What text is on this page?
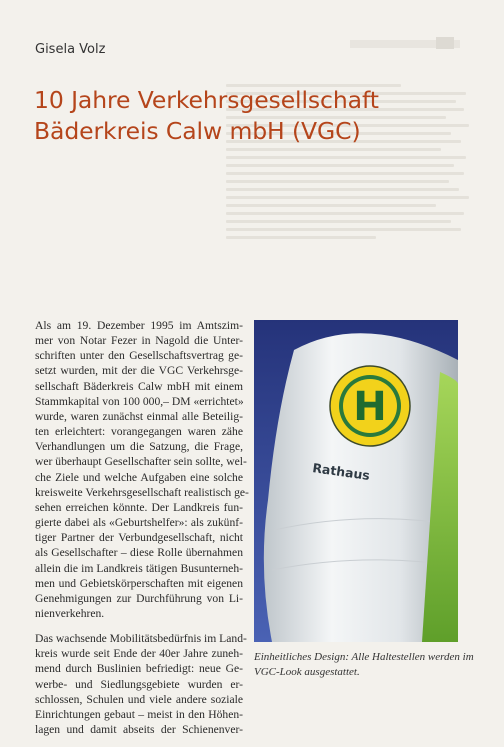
Gisela Volz
10 Jahre Verkehrsgesellschaft
Bäderkreis Calw mbH (VGC)

Als am 19. Dezember 1995 im Amtszim-
mer von Notar Fezer in Nagold die Unter-
schriften unter den Gesellschaftsvertrag ge-
setzt wurden, mit der die VGC Verkehrsge-
sellschaft Bäderkreis Calw mbH mit einem
Stammkapital von 100 000,– DM «errichtet»
wurde, waren zunächst einmal alle Beteilig-
ten erleichtert: vorangegangen waren zähe
Verhandlungen um die Satzung, die Frage,
wer überhaupt Gesellschafter sein sollte, wel-
che Ziele und welche Aufgaben eine solche
kreisweite Verkehrsgesellschaft realistisch ge-
sehen erreichen könnte. Der Landkreis fun-
gierte dabei als «Geburtshelfer»: als zukünf-
tiger Partner der Verbundgesellschaft, nicht
als Gesellschafter – diese Rolle übernahmen
allein die im Landkreis tätigen Busunterneh-
men und Gebietskörperschaften mit eigenen
Genehmigungen zur Durchführung von Li-
nienverkehren.

Das wachsende Mobilitätsbedürfnis im Land-
kreis wurde seit Ende der 40er Jahre zuneh-
mend durch Buslinien befriedigt: neue Ge-
werbe- und Siedlungsgebiete wurden er-
schlossen, Schulen und viele andere soziale
Einrichtungen gebaut – meist in den Höhen-
lagen und damit abseits der Schienenver-

H
Rathaus
Einheitliches Design: Alle Haltestellen werden im
VGC-Look ausgestattet.
